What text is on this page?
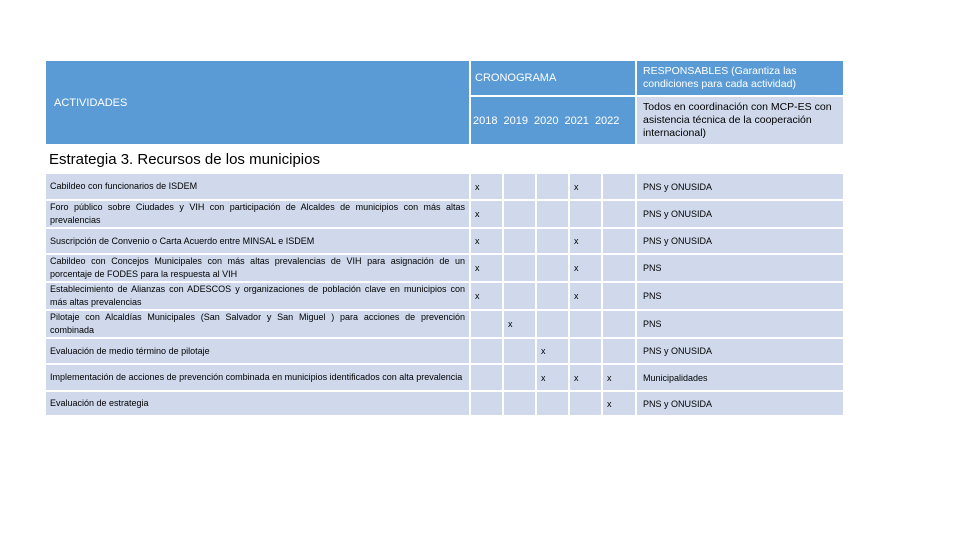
ACTIVIDADES	CRONOGRAMA					RESPONSABLES (Garantiza las condiciones para cada actividad)
	2018 2019 2020 2021 2022					Todos en coordinación con MCP-ES con asistencia técnica de la cooperación internacional)
Estrategia 3. Recursos de los municipios						
Cabildeo con funcionarios de ISDEM	x			x		PNS y ONUSIDA
Foro público sobre Ciudades y VIH con participación de Alcaldes de municipios con más altas prevalencias	x					PNS y ONUSIDA
Suscripción de Convenio o Carta Acuerdo entre MINSAL e ISDEM	x			x		PNS y ONUSIDA
Cabildeo con Concejos Municipales con más altas prevalencias de VIH para asignación de un porcentaje de FODES para la respuesta al VIH	x			x		PNS
Establecimiento de Alianzas con ADESCOS y organizaciones de población clave en municipios con más altas prevalencias	x			x		PNS
Pilotaje con Alcaldías Municipales (San Salvador y San Miguel ) para acciones de prevención combinada		x				PNS
Evaluación de medio término de pilotaje			x			PNS y ONUSIDA
Implementación de acciones de prevención combinada en municipios identificados con alta prevalencia			x	x	x	Municipalidades
Evaluación de estrategia					x	PNS y ONUSIDA
